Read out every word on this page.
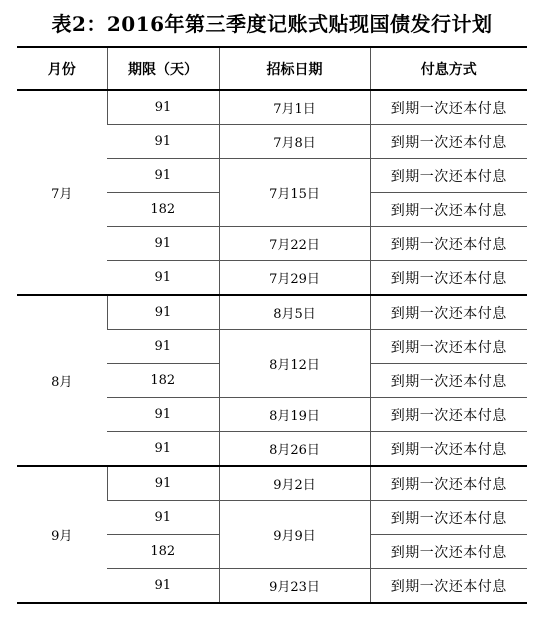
表2：2016年第三季度记账式贴现国债发行计划
月份	期限（天）	招标日期	付息方式
7月	91	7月1日	到期一次还本付息
	91	7月8日	到期一次还本付息
	91	7月15日	到期一次还本付息
	182		到期一次还本付息
	91	7月22日	到期一次还本付息
	91	7月29日	到期一次还本付息
8月	91	8月5日	到期一次还本付息
	91	8月12日	到期一次还本付息
	182		到期一次还本付息
	91	8月19日	到期一次还本付息
	91	8月26日	到期一次还本付息
9月	91	9月2日	到期一次还本付息
	91	9月9日	到期一次还本付息
	182		到期一次还本付息
	91	9月23日	到期一次还本付息
